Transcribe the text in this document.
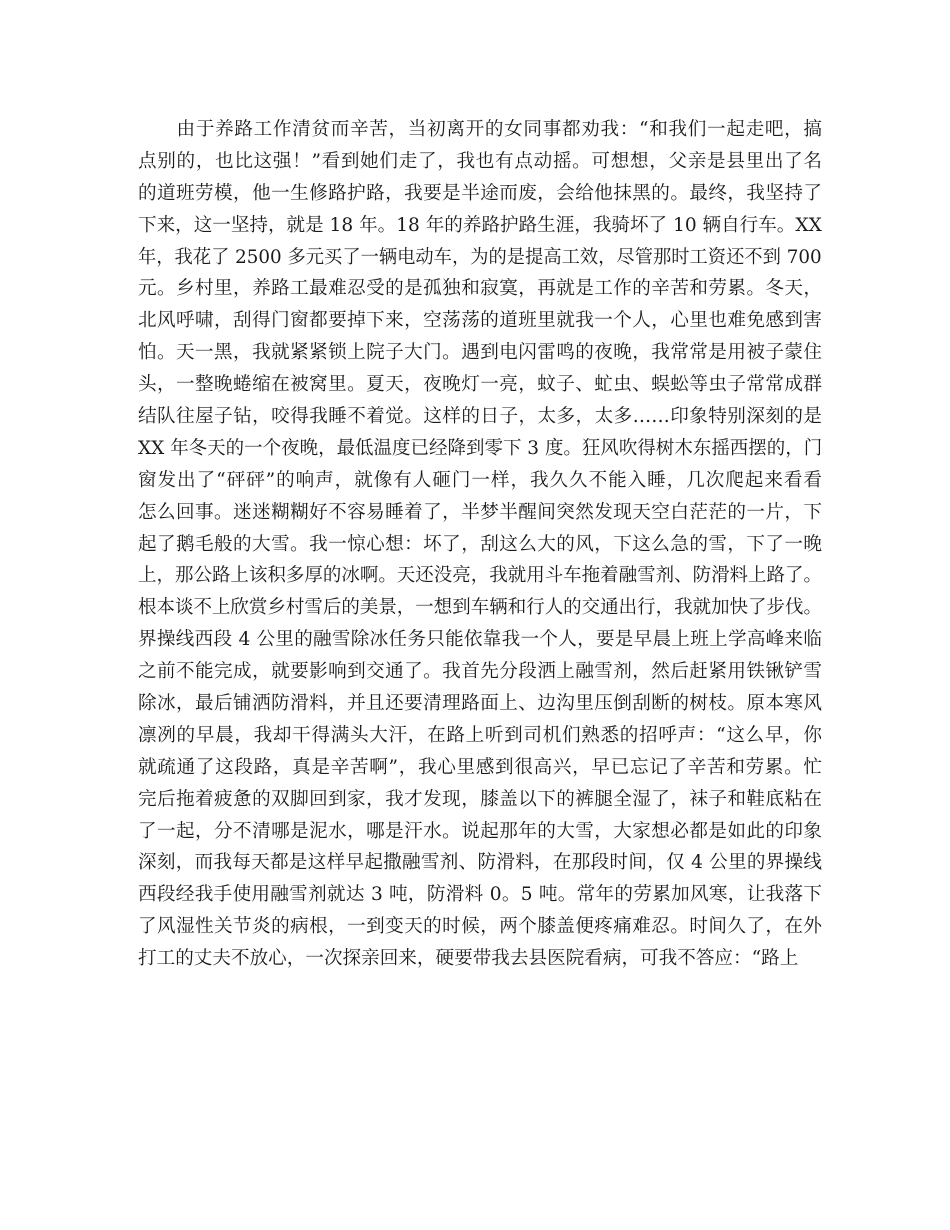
　　由于养路工作清贫而辛苦，当初离开的女同事都劝我：“和我们一起走吧，搞
点别的，也比这强！”看到她们走了，我也有点动摇。可想想，父亲是县里出了名
的道班劳模，他一生修路护路，我要是半途而废，会给他抹黑的。最终，我坚持了
下来，这一坚持，就是 18 年。18 年的养路护路生涯，我骑坏了 10 辆自行车。XX
年，我花了 2500 多元买了一辆电动车，为的是提高工效，尽管那时工资还不到 700
元。乡村里，养路工最难忍受的是孤独和寂寞，再就是工作的辛苦和劳累。冬天，
北风呼啸，刮得门窗都要掉下来，空荡荡的道班里就我一个人，心里也难免感到害
怕。天一黑，我就紧紧锁上院子大门。遇到电闪雷鸣的夜晚，我常常是用被子蒙住
头，一整晚蜷缩在被窝里。夏天，夜晚灯一亮，蚊子、虻虫、蜈蚣等虫子常常成群
结队往屋子钻，咬得我睡不着觉。这样的日子，太多，太多……印象特别深刻的是
XX 年冬天的一个夜晚，最低温度已经降到零下 3 度。狂风吹得树木东摇西摆的，门
窗发出了“砰砰”的响声，就像有人砸门一样，我久久不能入睡，几次爬起来看看
怎么回事。迷迷糊糊好不容易睡着了，半梦半醒间突然发现天空白茫茫的一片，下
起了鹅毛般的大雪。我一惊心想：坏了，刮这么大的风，下这么急的雪，下了一晚
上，那公路上该积多厚的冰啊。天还没亮，我就用斗车拖着融雪剂、防滑料上路了。
根本谈不上欣赏乡村雪后的美景，一想到车辆和行人的交通出行，我就加快了步伐。
界操线西段 4 公里的融雪除冰任务只能依靠我一个人，要是早晨上班上学高峰来临
之前不能完成，就要影响到交通了。我首先分段洒上融雪剂，然后赶紧用铁锹铲雪
除冰，最后铺洒防滑料，并且还要清理路面上、边沟里压倒刮断的树枝。原本寒风
凛冽的早晨，我却干得满头大汗，在路上听到司机们熟悉的招呼声：“这么早，你
就疏通了这段路，真是辛苦啊”，我心里感到很高兴，早已忘记了辛苦和劳累。忙
完后拖着疲惫的双脚回到家，我才发现，膝盖以下的裤腿全湿了，袜子和鞋底粘在
了一起，分不清哪是泥水，哪是汗水。说起那年的大雪，大家想必都是如此的印象
深刻，而我每天都是这样早起撒融雪剂、防滑料，在那段时间，仅 4 公里的界操线
西段经我手使用融雪剂就达 3 吨，防滑料 0。5 吨。常年的劳累加风寒，让我落下
了风湿性关节炎的病根，一到变天的时候，两个膝盖便疼痛难忍。时间久了，在外
打工的丈夫不放心，一次探亲回来，硬要带我去县医院看病，可我不答应：“路上
